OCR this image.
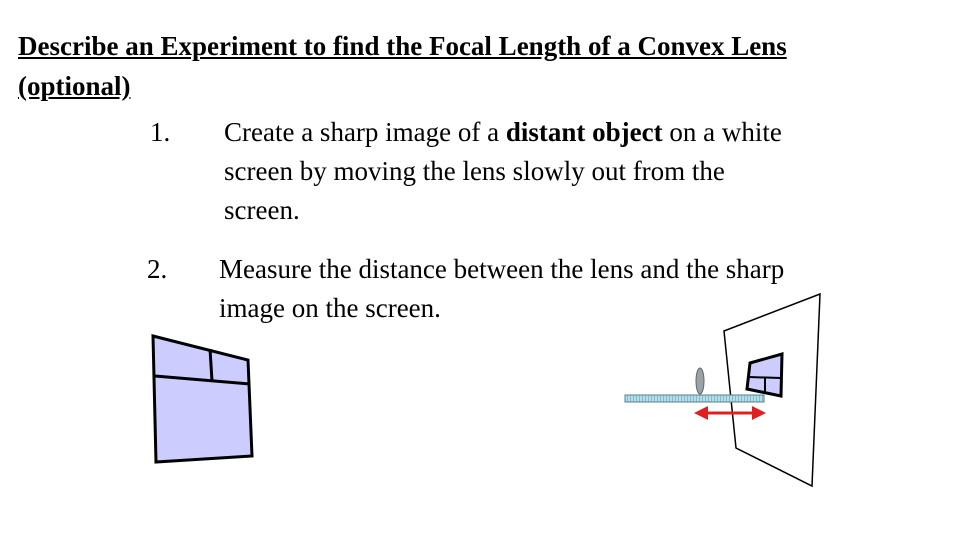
Describe an Experiment to find the Focal Length of a Convex Lens
(optional)
1. Create a sharp image of a distant object on a white screen by moving the lens slowly out from the screen.
2. Measure the distance between the lens and the sharp image on the screen.
